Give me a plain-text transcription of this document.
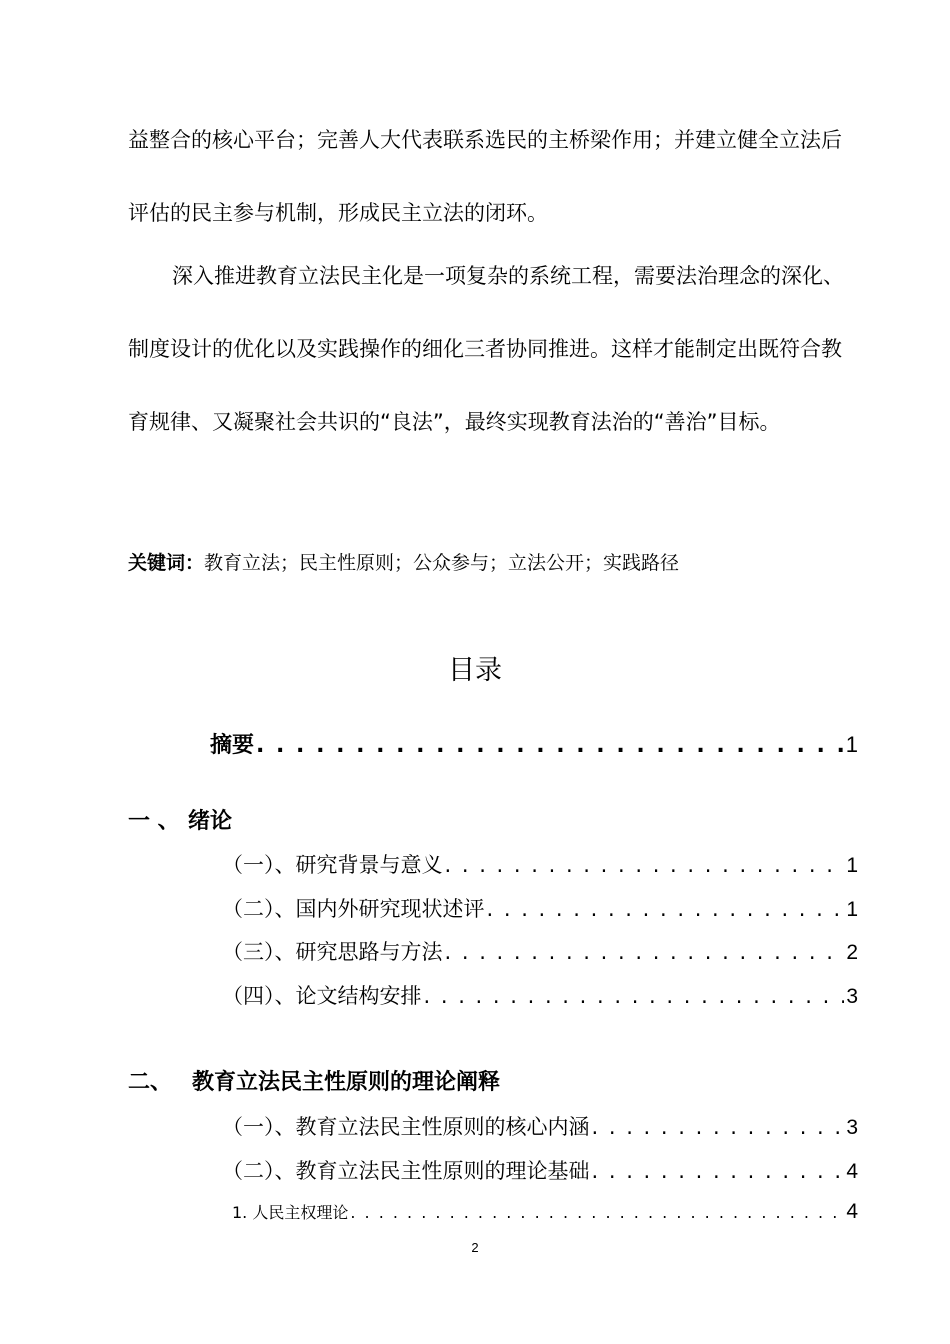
益整合的核心平台；完善人大代表联系选民的主桥梁作用；并建立健全立法后评估的民主参与机制，形成民主立法的闭环。

深入推进教育立法民主化是一项复杂的系统工程，需要法治理念的深化、制度设计的优化以及实践操作的细化三者协同推进。这样才能制定出既符合教育规律、又凝聚社会共识的“良法”，最终实现教育法治的“善治”目标。

关键词：教育立法；民主性原则；公众参与；立法公开；实践路径
目录
摘要 . . .	1
一 、 绪论
（一）、研究背景与意义 . . .	1
（二）、国内外研究现状述评 . . .	1
（三）、研究思路与方法 . . .	2
（四）、论文结构安排 . . .	3
二、 教育立法民主性原则的理论阐释
（一）、教育立法民主性原则的核心内涵 . . .	3
（二）、教育立法民主性原则的理论基础 . . .	4
1. 人民主权理论 . . .	4
2
